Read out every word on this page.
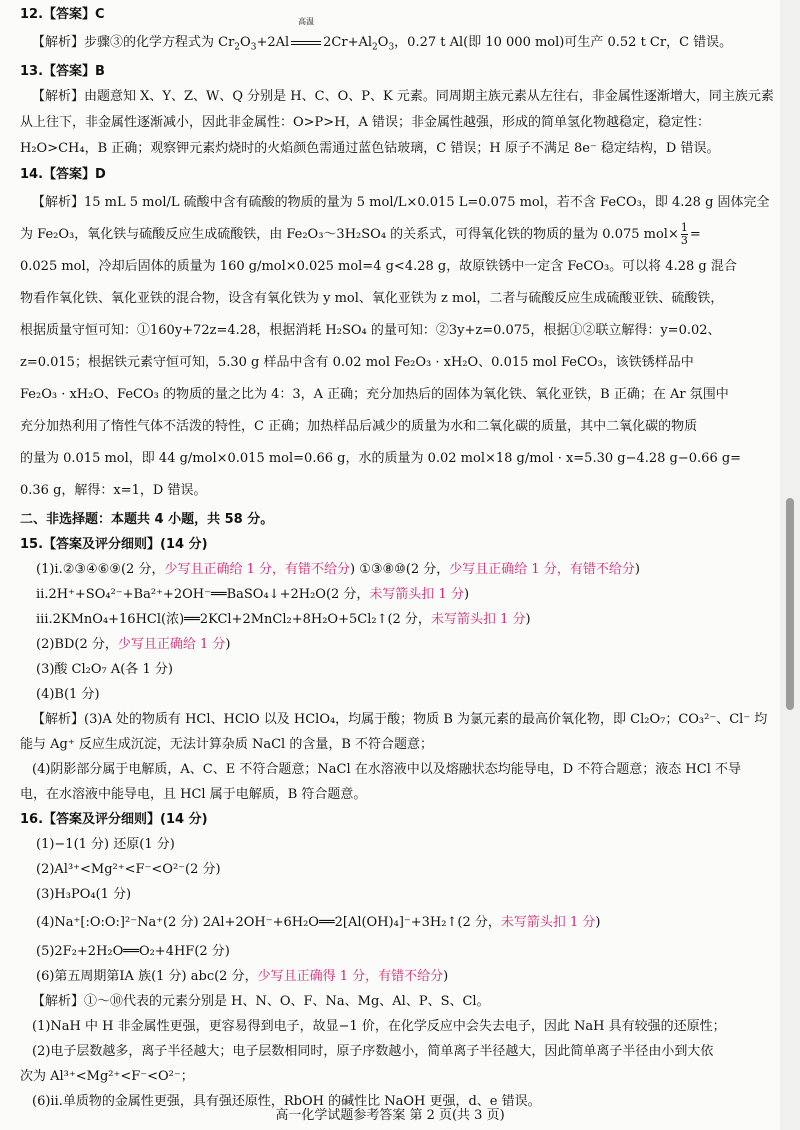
12.【答案】C

【解析】步骤③的化学方程式为 $Cr_2O_3+2Al$
高温
$2Cr+Al_2O_3$，0.27 t Al(即 10 000 mol)可生产 0.52 t Cr，C 错误。

13.【答案】B

【解析】由题意知 X、Y、Z、W、Q 分别是 H、C、O、P、K 元素。同周期主族元素从左往右，非金属性逐渐增大，同主族元素

从上往下，非金属性逐渐减小，因此非金属性：O>P>H，A 错误；非金属性越强，形成的简单氢化物越稳定，稳定性：

H₂O>CH₄，B 正确；观察钾元素灼烧时的火焰颜色需通过蓝色钴玻璃，C 错误；H 原子不满足 8e⁻ 稳定结构，D 错误。

14.【答案】D

【解析】15 mL 5 mol/L 硫酸中含有硫酸的物质的量为 5 mol/L×0.015 L=0.075 mol，若不含 FeCO₃，即 4.28 g 固体完全

为 Fe₂O₃，氧化铁与硫酸反应生成硫酸铁，由 Fe₂O₃～3H₂SO₄ 的关系式，可得氧化铁的物质的量为 0.075 $mol\times \frac{1}{3}$ =

0.025 mol，冷却后固体的质量为 160 g/mol×0.025 mol=4 g<4.28 g，故原铁锈中一定含 FeCO₃。可以将 4.28 g 混合

物看作氧化铁、氧化亚铁的混合物，设含有氧化铁为 y mol、氧化亚铁为 z mol，二者与硫酸反应生成硫酸亚铁、硫酸铁，

根据质量守恒可知：①160y+72z=4.28，根据消耗 H₂SO₄ 的量可知：②3y+z=0.075，根据①②联立解得：y=0.02、

z=0.015；根据铁元素守恒可知，5.30 g 样品中含有 0.02 mol Fe₂O₃ · xH₂O、0.015 mol FeCO₃，该铁锈样品中

Fe₂O₃ · xH₂O、FeCO₃ 的物质的量之比为 4：3，A 正确；充分加热后的固体为氧化铁、氧化亚铁，B 正确；在 Ar 氛围中

充分加热利用了惰性气体不活泼的特性，C 正确；加热样品后减少的质量为水和二氧化碳的质量，其中二氧化碳的物质

的量为 0.015 mol，即 44 g/mol×0.015 mol=0.66 g，水的质量为 0.02 mol×18 g/mol · x=5.30 g−4.28 g−0.66 g=

0.36 g，解得：x=1，D 错误。

二、非选择题：本题共 4 小题，共 58 分。

15.【答案及评分细则】(14 分)

(1)ⅰ.②③④⑥⑨(2 分，少写且正确给 1 分，有错不给分) ①③⑧⑩(2 分，少写且正确给 1 分，有错不给分)

ⅱ.2H⁺+SO₄²⁻+Ba²⁺+2OH⁻══BaSO₄↓+2H₂O(2 分，未写箭头扣 1 分)

ⅲ.2KMnO₄+16HCl(浓)══2KCl+2MnCl₂+8H₂O+5Cl₂↑(2 分，未写箭头扣 1 分)

(2)BD(2 分，少写且正确给 1 分)

(3)酸 Cl₂O₇ A(各 1 分)

(4)B(1 分)

【解析】(3)A 处的物质有 HCl、HClO 以及 HClO₄，均属于酸；物质 B 为氯元素的最高价氧化物，即 Cl₂O₇；CO₃²⁻、Cl⁻ 均

能与 Ag⁺ 反应生成沉淀，无法计算杂质 NaCl 的含量，B 不符合题意；

(4)阴影部分属于电解质，A、C、E 不符合题意；NaCl 在水溶液中以及熔融状态均能导电，D 不符合题意；液态 HCl 不导

电，在水溶液中能导电，且 HCl 属于电解质，B 符合题意。

16.【答案及评分细则】(14 分)

(1)−1(1 分) 还原(1 分)

(2)Al³⁺<Mg²⁺<F⁻<O²⁻(2 分)

(3)H₃PO₄(1 分)

(4)Na⁺[:O:O:]²⁻Na⁺(2 分) 2Al+2OH⁻+6H₂O══2[Al(OH)₄]⁻+3H₂↑(2 分，未写箭头扣 1 分)

(5)2F₂+2H₂O══O₂+4HF(2 分)

(6)第五周期第ⅠA 族(1 分) abc(2 分，少写且正确得 1 分，有错不给分)

【解析】①～⑩代表的元素分别是 H、N、O、F、Na、Mg、Al、P、S、Cl。

(1)NaH 中 H 非金属性更强，更容易得到电子，故显−1 价，在化学反应中会失去电子，因此 NaH 具有较强的还原性；

(2)电子层数越多，离子半径越大；电子层数相同时，原子序数越小，简单离子半径越大，因此简单离子半径由小到大依

次为 Al³⁺<Mg²⁺<F⁻<O²⁻；

(6)ⅱ.单质物的金属性更强，具有强还原性，RbOH 的碱性比 NaOH 更强，d、e 错误。

高一化学试题参考答案 第 2 页(共 3 页)
